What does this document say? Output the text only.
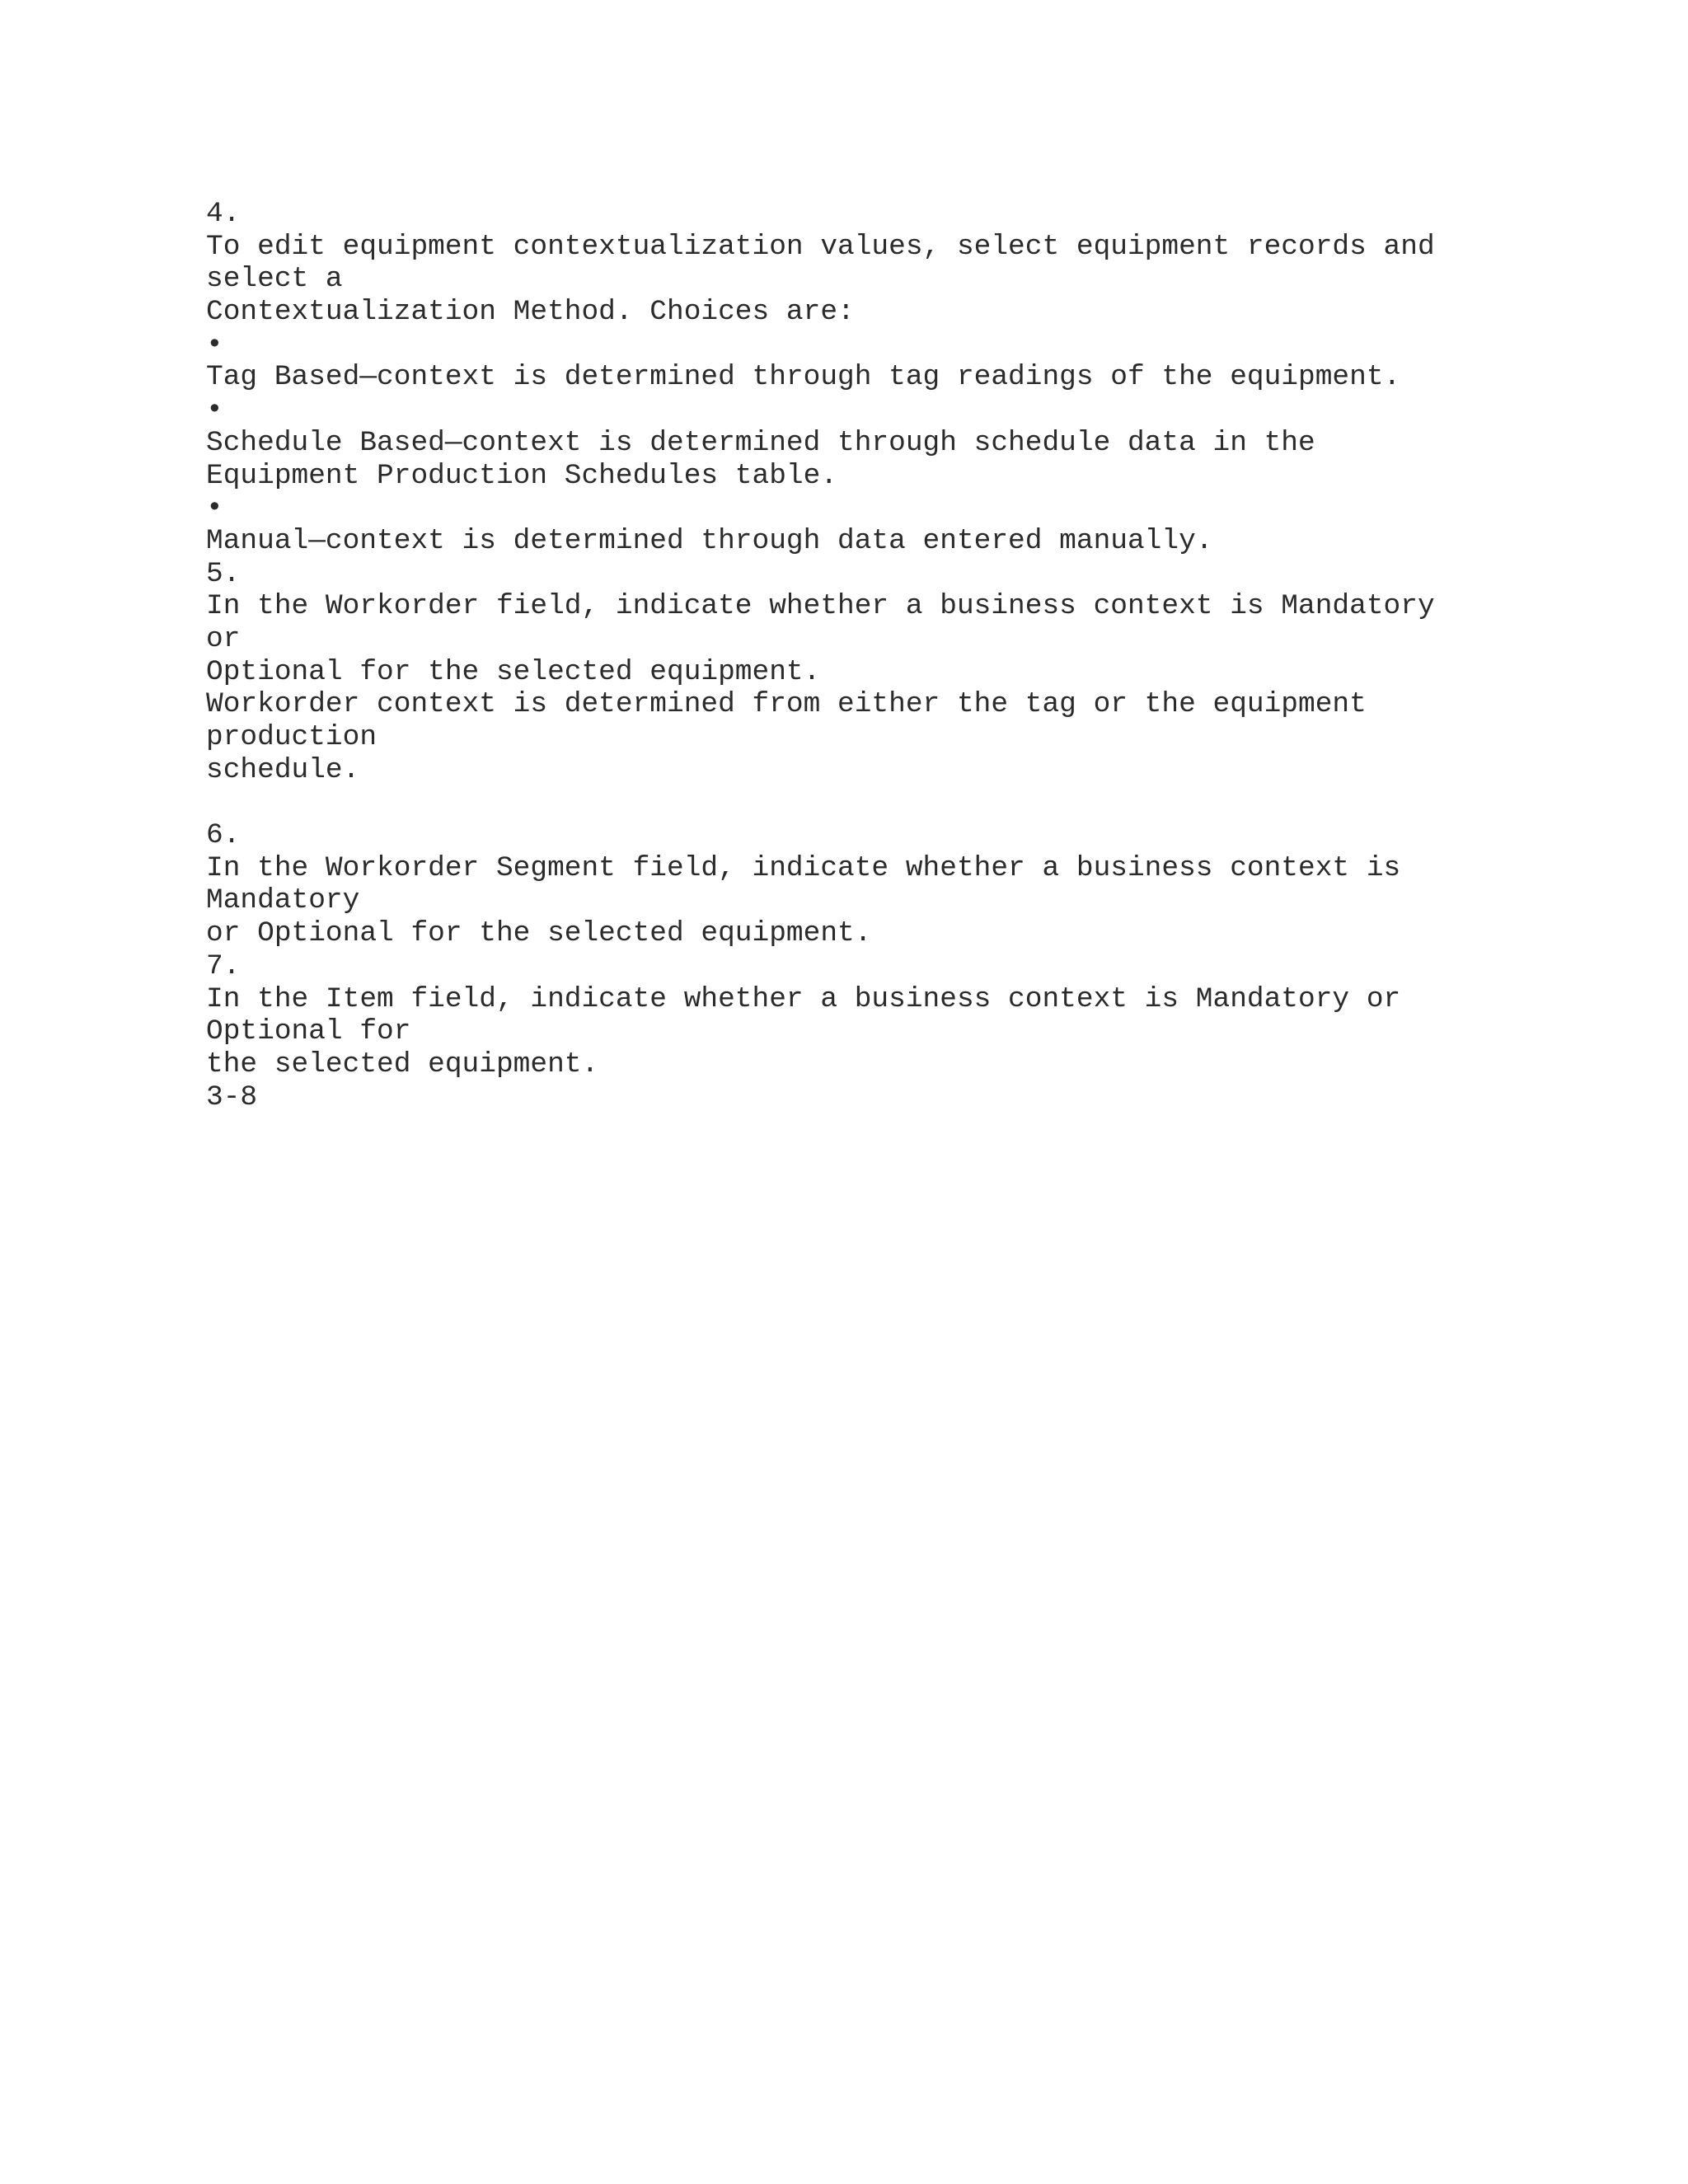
4.
To edit equipment contextualization values, select equipment records and
select a
Contextualization Method. Choices are:
•
Tag Based—context is determined through tag readings of the equipment.
•
Schedule Based—context is determined through schedule data in the
Equipment Production Schedules table.
•
Manual—context is determined through data entered manually.
5.
In the Workorder field, indicate whether a business context is Mandatory
or
Optional for the selected equipment.
Workorder context is determined from either the tag or the equipment
production
schedule.
6.
In the Workorder Segment field, indicate whether a business context is
Mandatory
or Optional for the selected equipment.
7.
In the Item field, indicate whether a business context is Mandatory or
Optional for
the selected equipment.
3-8
